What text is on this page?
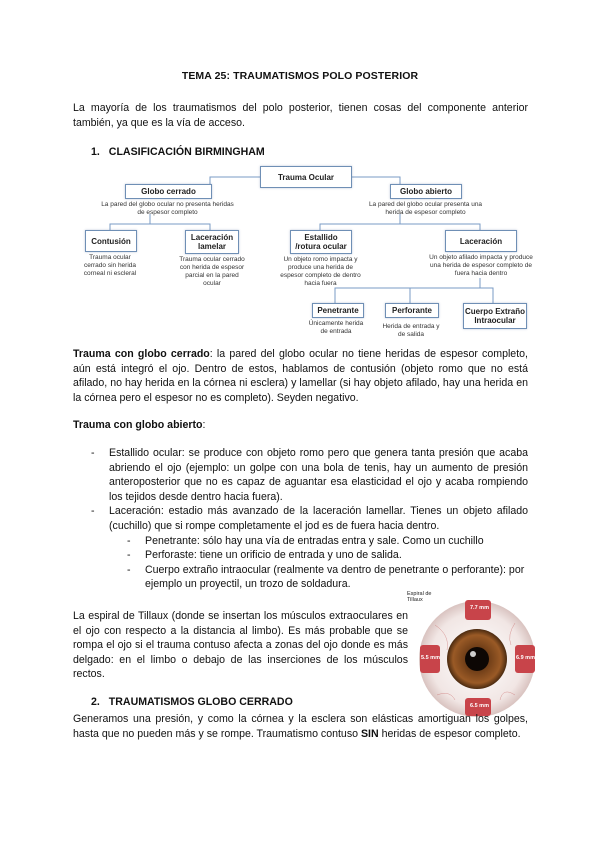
TEMA 25: TRAUMATISMOS POLO POSTERIOR
La mayoría de los traumatismos del polo posterior, tienen cosas del componente anterior también, ya que es la vía de acceso.
1. CLASIFICACIÓN BIRMINGHAM
Trauma Ocular
Globo cerrado
La pared del globo ocular no presenta heridas de espesor completo
Globo abierto
La pared del globo ocular presenta una herida de espesor completo
Contusión
Trauma ocular cerrado sin herida corneal ni escleral
Laceración lamelar
Trauma ocular cerrado con herida de espesor parcial en la pared ocular
Estallido /rotura ocular
Un objeto romo impacta y produce una herida de espesor completo de dentro hacia fuera
Laceración
Un objeto afilado impacta y produce una herida de espesor completo de fuera hacia dentro
Penetrante
Únicamente herida de entrada
Perforante
Herida de entrada y de salida
Cuerpo Extraño Intraocular
Trauma con globo cerrado: la pared del globo ocular no tiene heridas de espesor completo, aún está integró el ojo. Dentro de estos, hablamos de contusión (objeto romo que no está afilado, no hay herida en la córnea ni esclera) y lamellar (si hay objeto afilado, hay una herida en la córnea pero el espesor no es completo). Seyden negativo.
Trauma con globo abierto:
- Estallido ocular: se produce con objeto romo pero que genera tanta presión que acaba abriendo el ojo (ejemplo: un golpe con una bola de tenis, hay un aumento de presión anteroposterior que no es capaz de aguantar esa elasticidad el ojo y acaba rompiendo los tejidos desde dentro hacia fuera).
- Laceración: estadio más avanzado de la laceración lamellar. Tienes un objeto afilado (cuchillo) que si rompe completamente el jod es de fuera hacia dentro.
- Penetrante: sólo hay una vía de entradas entra y sale. Como un cuchillo
- Perforaste: tiene un orificio de entrada y uno de salida.
- Cuerpo extraño intraocular (realmente va dentro de penetrante o perforante): por ejemplo un proyectil, un trozo de soldadura.
La espiral de Tillaux (donde se insertan los músculos extraoculares en el ojo con respecto a la distancia al limbo). Es más probable que se rompa el ojo si el trauma contuso afecta a zonas del ojo donde es más delgado: en el limbo o debajo de las inserciones de los músculos rectos.
Espiral de Tillaux
7.7 mm
6.9 mm
6.5 mm
5.5 mm
2. TRAUMATISMOS GLOBO CERRADO
Generamos una presión, y como la córnea y la esclera son elásticas amortiguan los golpes, hasta que no pueden más y se rompe. Traumatismo contuso SIN heridas de espesor completo.
